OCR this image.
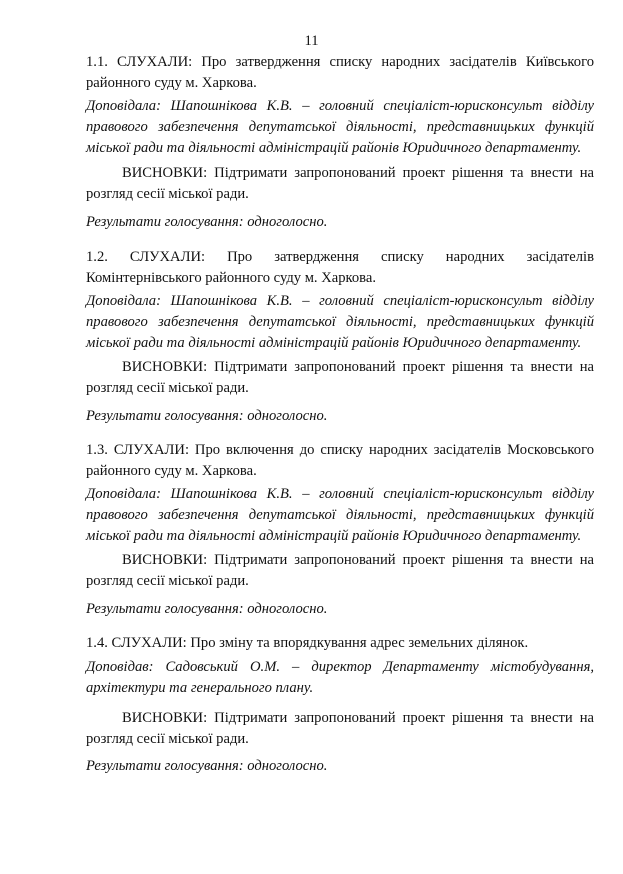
11

1.1. СЛУХАЛИ: Про затвердження списку народних засідателів Київського районного суду м. Харкова.

Доповідала: Шапошнікова К.В. – головний спеціаліст-юрисконсульт відділу правового забезпечення депутатської діяльності, представницьких функцій міської ради та діяльності адміністрацій районів Юридичного департаменту.

ВИСНОВКИ: Підтримати запропонований проект рішення та внести на розгляд сесії міської ради.

Результати голосування: одноголосно.

1.2. СЛУХАЛИ: Про затвердження списку народних засідателів Комінтернівського районного суду м. Харкова.

Доповідала: Шапошнікова К.В. – головний спеціаліст-юрисконсульт відділу правового забезпечення депутатської діяльності, представницьких функцій міської ради та діяльності адміністрацій районів Юридичного департаменту.

ВИСНОВКИ: Підтримати запропонований проект рішення та внести на розгляд сесії міської ради.

Результати голосування: одноголосно.

1.3. СЛУХАЛИ: Про включення до списку народних засідателів Московського районного суду м. Харкова.

Доповідала: Шапошнікова К.В. – головний спеціаліст-юрисконсульт відділу правового забезпечення депутатської діяльності, представницьких функцій міської ради та діяльності адміністрацій районів Юридичного департаменту.

ВИСНОВКИ: Підтримати запропонований проект рішення та внести на розгляд сесії міської ради.

Результати голосування: одноголосно.

1.4. СЛУХАЛИ: Про зміну та впорядкування адрес земельних ділянок.

Доповідав: Садовський О.М. – директор Департаменту містобудування, архітектури та генерального плану.

ВИСНОВКИ: Підтримати запропонований проект рішення та внести на розгляд сесії міської ради.

Результати голосування: одноголосно.
